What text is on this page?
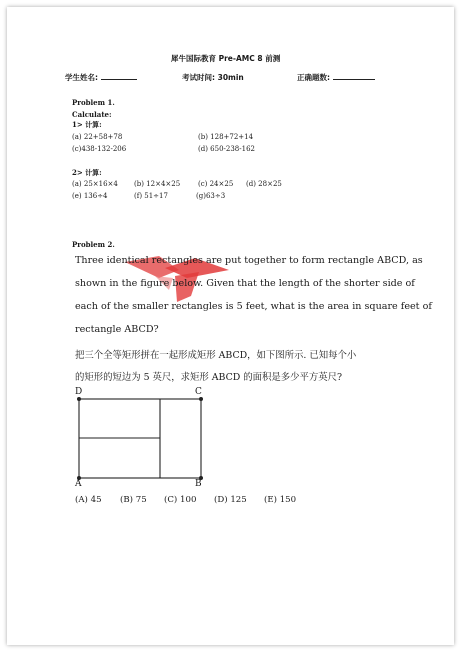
犀牛国际教育 Pre-AMC 8 前测
学生姓名:	考试时间: 30min	正确题数:
Problem 1.
Calculate:
1> 计算:
(a) 22+58+78	(b) 128+72+14
(c)438-132-206	(d) 650-238-162
2> 计算:
(a) 25×16×4 (b) 12×4×25	(c) 24×25 (d) 28×25
(e) 136÷4	(f) 51÷17	(g)63÷3
Problem 2.
Three identical rectangles are put together to form rectangle ABCD, as
shown in the figure below. Given that the length of the shorter side of
each of the smaller rectangles is 5 feet, what is the area in square feet of
rectangle ABCD?
把三个全等矩形拼在一起形成矩形 ABCD，如下图所示. 已知每个小
的矩形的短边为 5 英尺，求矩形 ABCD 的面积是多少平方英尺?
D	C
A	B
(A) 45 (B) 75 (C) 100 (D) 125 (E) 150
